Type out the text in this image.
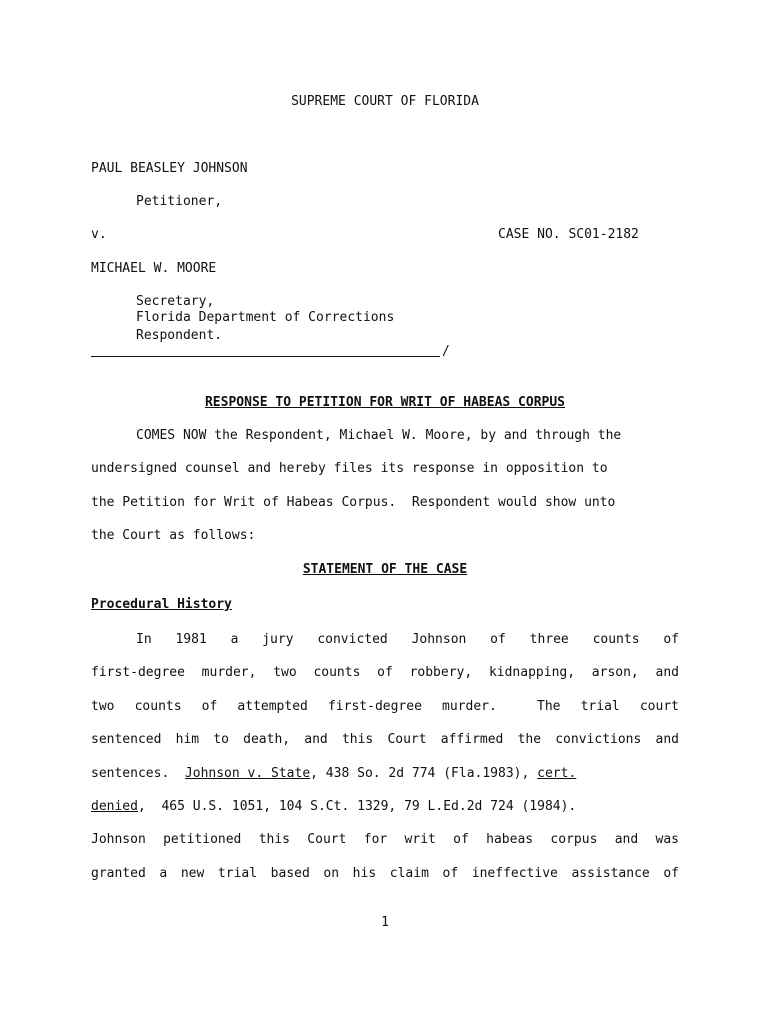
SUPREME COURT OF FLORIDA
PAUL BEASLEY JOHNSON
Petitioner,
v.	CASE NO. SC01-2182
MICHAEL W. MOORE
Secretary,
Florida Department of Corrections
Respondent.
/
RESPONSE TO PETITION FOR WRIT OF HABEAS CORPUS
COMES NOW the Respondent, Michael W. Moore, by and through the
undersigned counsel and hereby files its response in opposition to
the Petition for Writ of Habeas Corpus.  Respondent would show unto
the Court as follows:
STATEMENT OF THE CASE
Procedural History
In 1981 a jury convicted Johnson of three counts of
first-degree murder, two counts of robbery, kidnapping, arson, and
two counts of attempted first-degree murder.  The trial court
sentenced him to death, and this Court affirmed the convictions and
sentences.  Johnson v. State, 438 So. 2d 774 (Fla.1983), cert.
denied,  465 U.S. 1051, 104 S.Ct. 1329, 79 L.Ed.2d 724 (1984).
Johnson petitioned this Court for writ of habeas corpus and was
granted a new trial based on his claim of ineffective assistance of
1
